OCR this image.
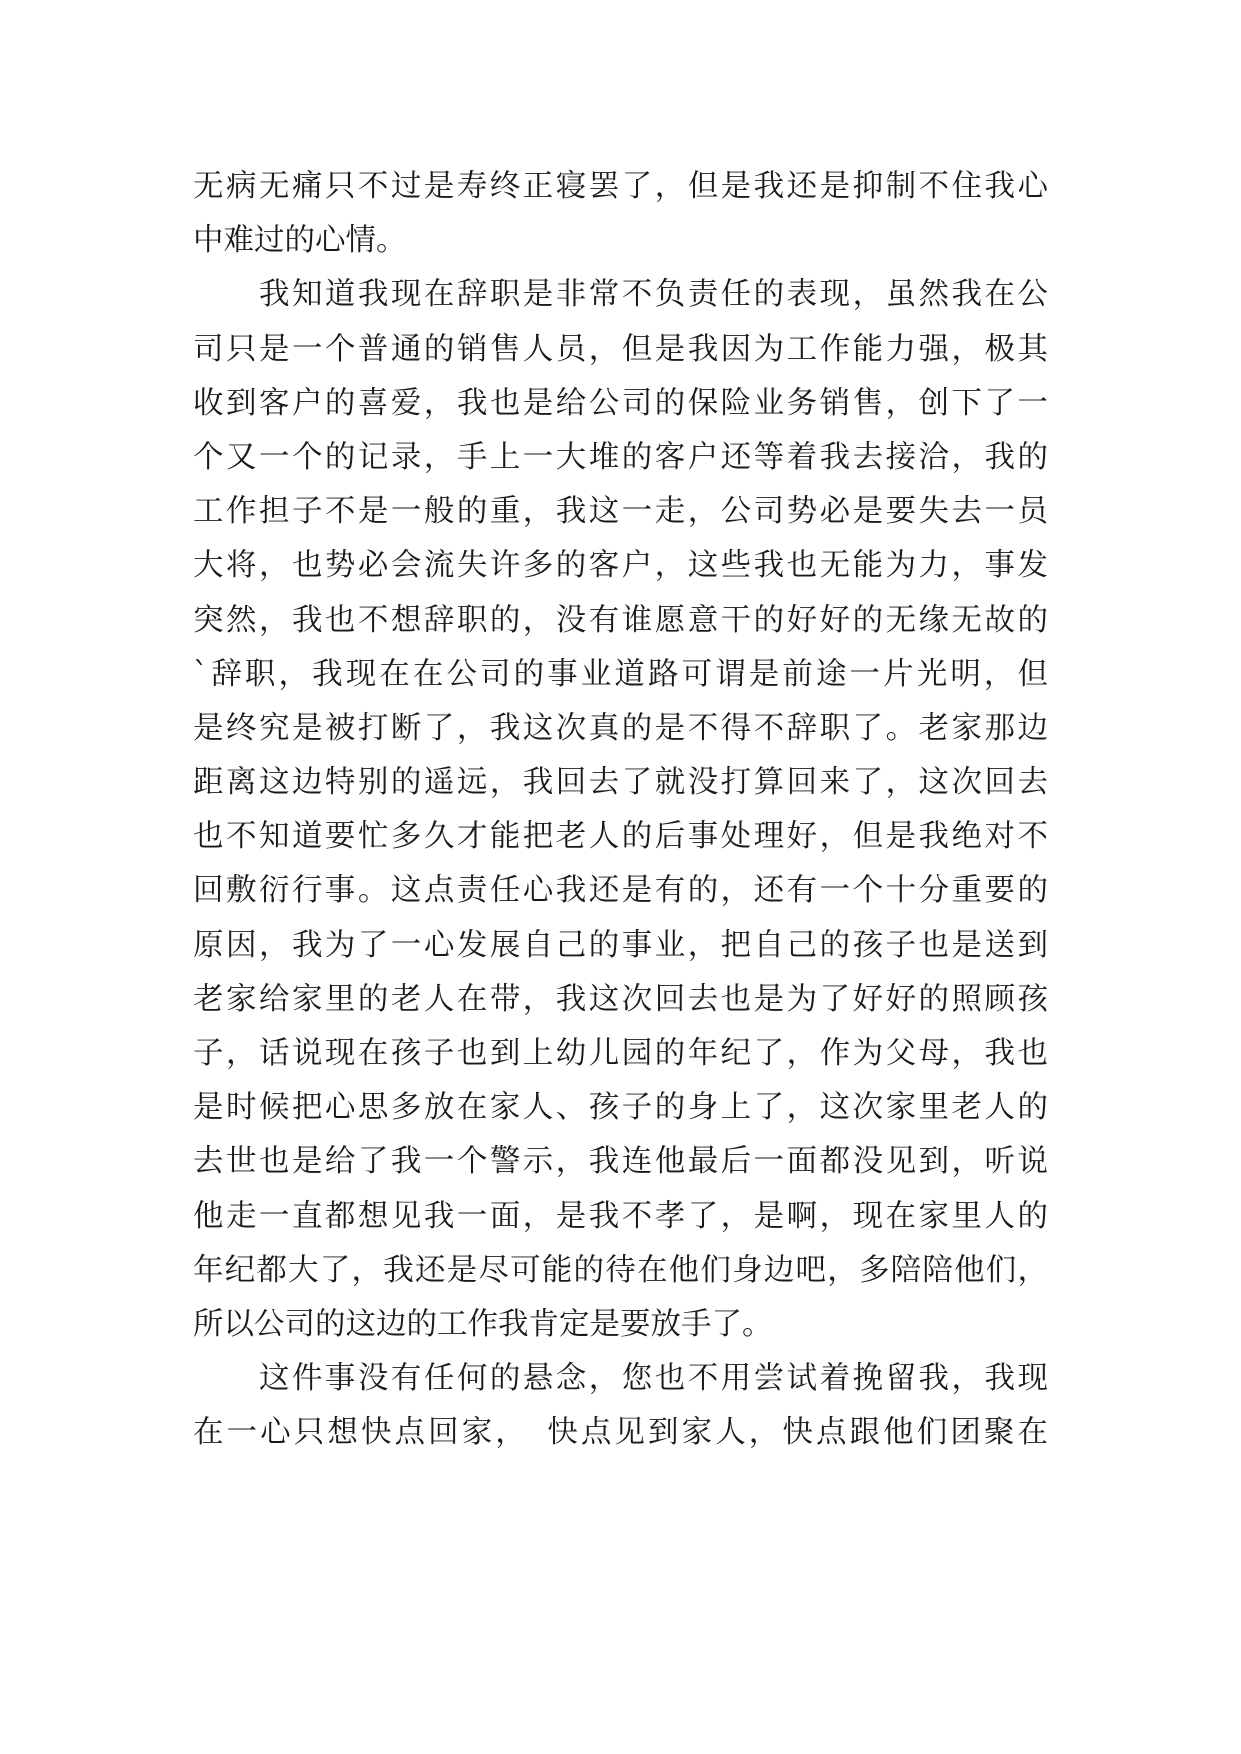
无病无痛只不过是寿终正寝罢了，但是我还是抑制不住我心
中难过的心情。
　　我知道我现在辞职是非常不负责任的表现，虽然我在公
司只是一个普通的销售人员，但是我因为工作能力强，极其
收到客户的喜爱，我也是给公司的保险业务销售，创下了一
个又一个的记录，手上一大堆的客户还等着我去接洽，我的
工作担子不是一般的重，我这一走，公司势必是要失去一员
大将，也势必会流失许多的客户，这些我也无能为力，事发
突然，我也不想辞职的，没有谁愿意干的好好的无缘无故的
`辞职，我现在在公司的事业道路可谓是前途一片光明，但
是终究是被打断了，我这次真的是不得不辞职了。老家那边
距离这边特别的遥远，我回去了就没打算回来了，这次回去
也不知道要忙多久才能把老人的后事处理好，但是我绝对不
回敷衍行事。这点责任心我还是有的，还有一个十分重要的
原因，我为了一心发展自己的事业，把自己的孩子也是送到
老家给家里的老人在带，我这次回去也是为了好好的照顾孩
子，话说现在孩子也到上幼儿园的年纪了，作为父母，我也
是时候把心思多放在家人、孩子的身上了，这次家里老人的
去世也是给了我一个警示，我连他最后一面都没见到，听说
他走一直都想见我一面，是我不孝了，是啊，现在家里人的
年纪都大了，我还是尽可能的待在他们身边吧，多陪陪他们，
所以公司的这边的工作我肯定是要放手了。
　　这件事没有任何的悬念，您也不用尝试着挽留我，我现
在一心只想快点回家，　快点见到家人，快点跟他们团聚在
